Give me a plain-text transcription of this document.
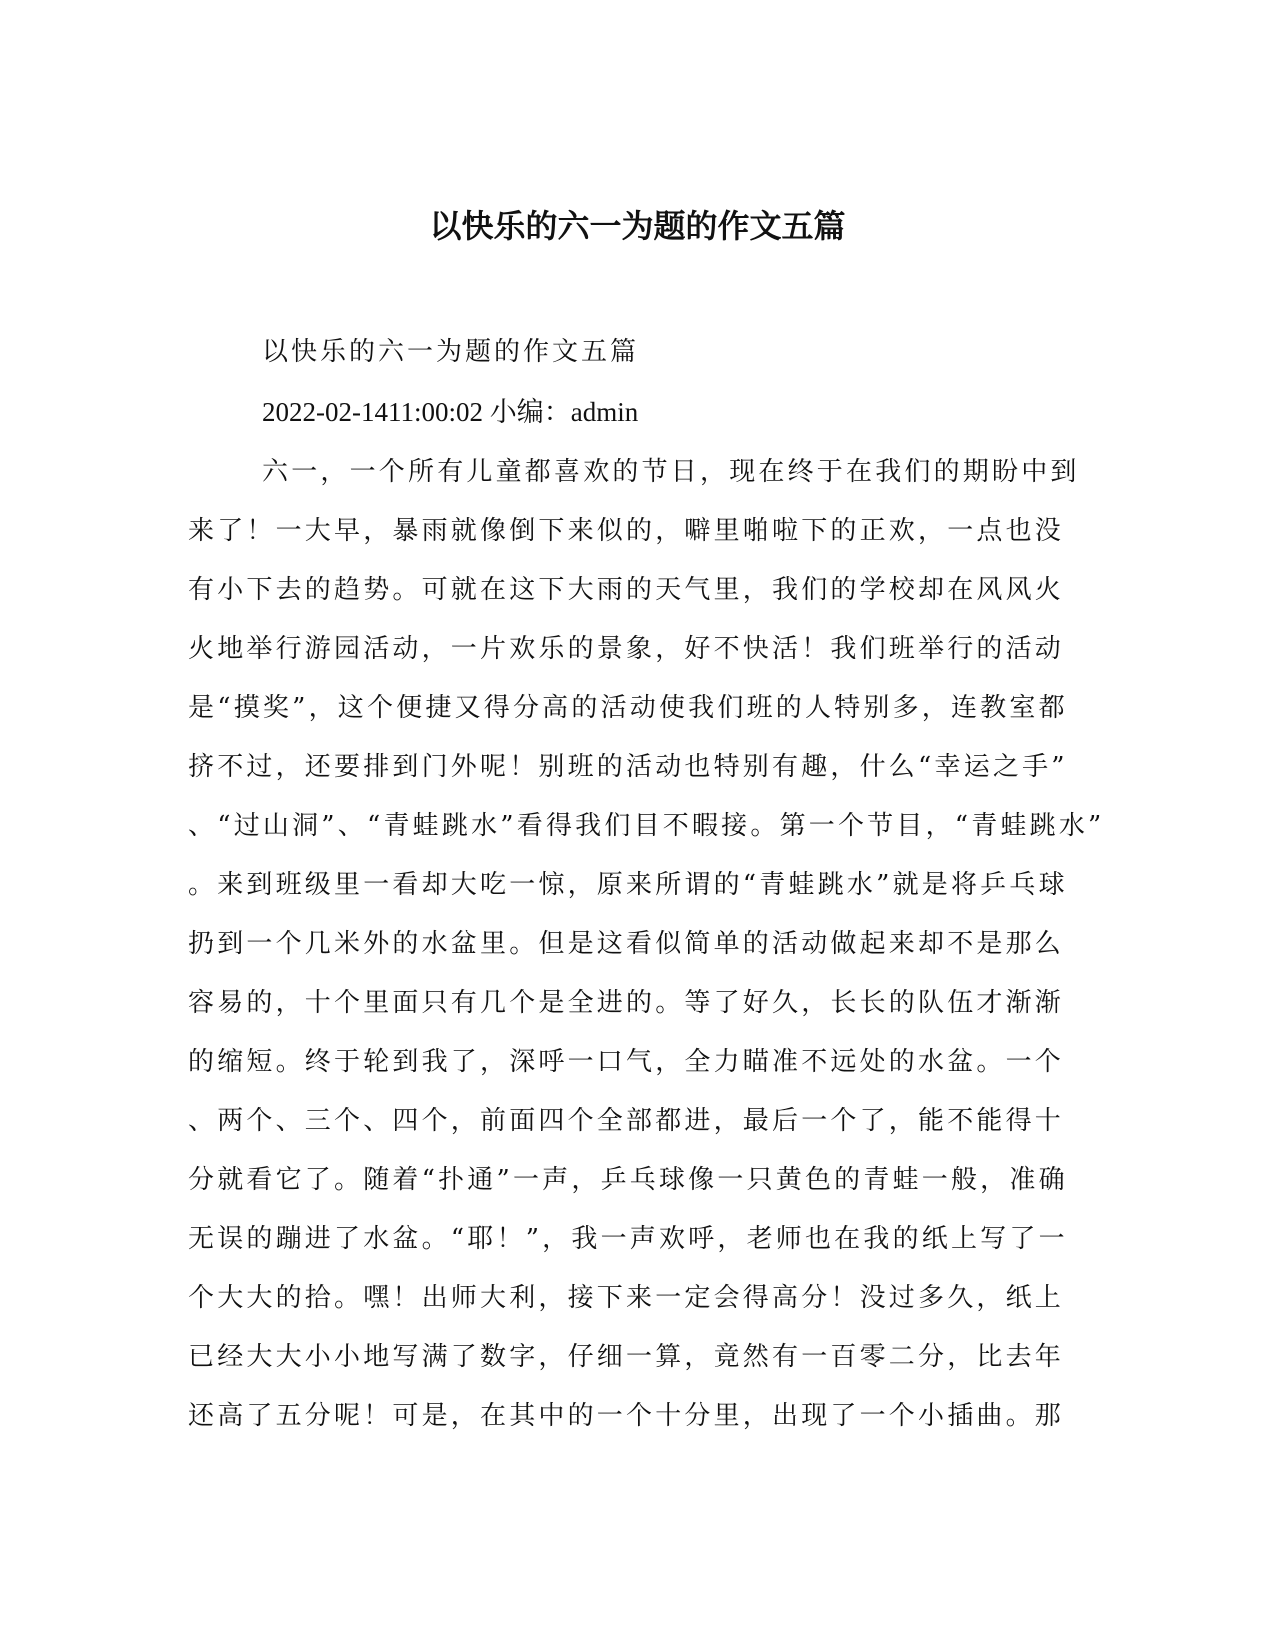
以快乐的六一为题的作文五篇
以快乐的六一为题的作文五篇
2022-02-1411:00:02 小编：admin
六一，一个所有儿童都喜欢的节日，现在终于在我们的期盼中到
来了！一大早，暴雨就像倒下来似的，噼里啪啦下的正欢，一点也没
有小下去的趋势。可就在这下大雨的天气里，我们的学校却在风风火
火地举行游园活动，一片欢乐的景象，好不快活！我们班举行的活动
是“摸奖”，这个便捷又得分高的活动使我们班的人特别多，连教室都
挤不过，还要排到门外呢！别班的活动也特别有趣，什么“幸运之手”
、“过山洞”、“青蛙跳水”看得我们目不暇接。第一个节目，“青蛙跳水”
。来到班级里一看却大吃一惊，原来所谓的“青蛙跳水”就是将乒乓球
扔到一个几米外的水盆里。但是这看似简单的活动做起来却不是那么
容易的，十个里面只有几个是全进的。等了好久，长长的队伍才渐渐
的缩短。终于轮到我了，深呼一口气，全力瞄准不远处的水盆。一个
、两个、三个、四个，前面四个全部都进，最后一个了，能不能得十
分就看它了。随着“扑通”一声，乒乓球像一只黄色的青蛙一般，准确
无误的蹦进了水盆。“耶！”，我一声欢呼，老师也在我的纸上写了一
个大大的拾。嘿！出师大利，接下来一定会得高分！没过多久，纸上
已经大大小小地写满了数字，仔细一算，竟然有一百零二分，比去年
还高了五分呢！可是，在其中的一个十分里，出现了一个小插曲。那
